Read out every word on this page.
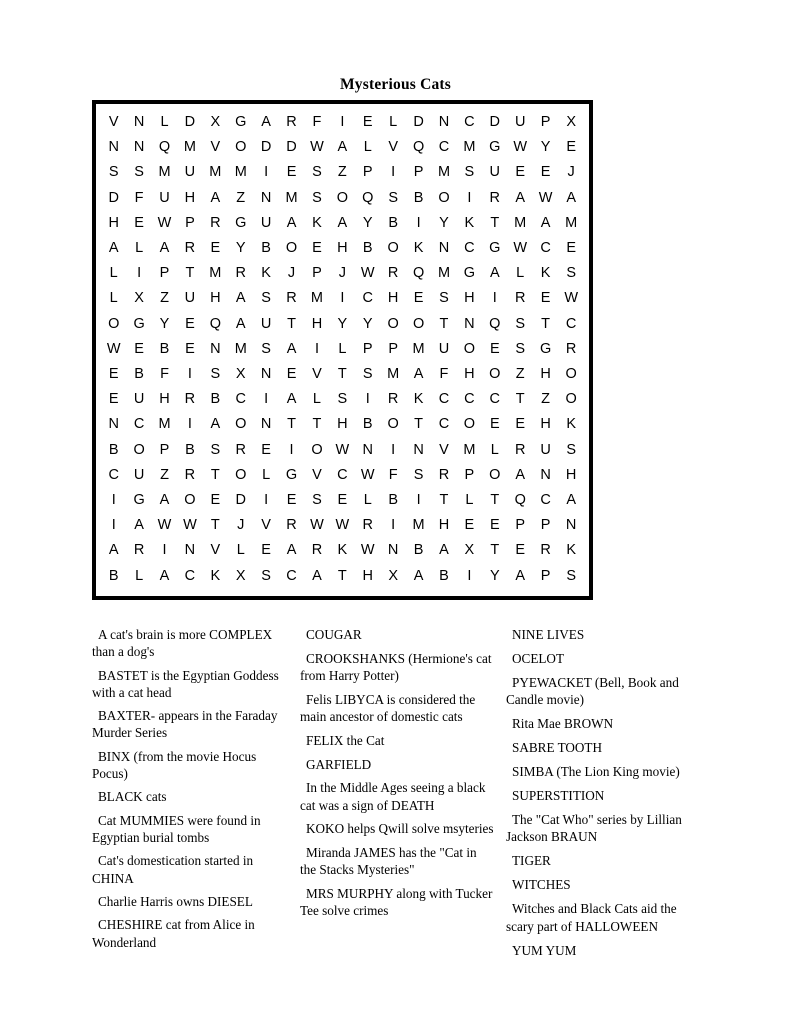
Mysterious Cats
V	N	L	D	X	G	A	R	F	I	E	L	D	N	C	D	U	P	X
N	N	Q	M	V	O	D	D	W	A	L	V	Q	C	M	G	W	Y	E
S	S	M	U	M	M	I	E	S	Z	P	I	P	M	S	U	E	E	J
D	F	U	H	A	Z	N	M	S	O	Q	S	B	O	I	R	A	W	A
H	E	W	P	R	G	U	A	K	A	Y	B	I	Y	K	T	M	A	M
A	L	A	R	E	Y	B	O	E	H	B	O	K	N	C	G	W	C	E
L	I	P	T	M	R	K	J	P	J	W	R	Q	M	G	A	L	K	S
L	X	Z	U	H	A	S	R	M	I	C	H	E	S	H	I	R	E	W
O	G	Y	E	Q	A	U	T	H	Y	Y	O	O	T	N	Q	S	T	C
W	E	B	E	N	M	S	A	I	L	P	P	M	U	O	E	S	G	R
E	B	F	I	S	X	N	E	V	T	S	M	A	F	H	O	Z	H	O
E	U	H	R	B	C	I	A	L	S	I	R	K	C	C	C	T	Z	O
N	C	M	I	A	O	N	T	T	H	B	O	T	C	O	E	E	H	K
B	O	P	B	S	R	E	I	O	W	N	I	N	V	M	L	R	U	S
C	U	Z	R	T	O	L	G	V	C	W	F	S	R	P	O	A	N	H
I	G	A	O	E	D	I	E	S	E	L	B	I	T	L	T	Q	C	A
I	A	W	W	T	J	V	R	W	W	R	I	M	H	E	E	P	P	N
A	R	I	N	V	L	E	A	R	K	W	N	B	A	X	T	E	R	K
B	L	A	C	K	X	S	C	A	T	H	X	A	B	I	Y	A	P	S
A cat's brain is more COMPLEX than a dog's
BASTET is the Egyptian Goddess with a cat head
BAXTER- appears in the Faraday Murder Series
BINX (from the movie Hocus Pocus)
BLACK cats
Cat MUMMIES were found in Egyptian burial tombs
Cat's domestication started in CHINA
Charlie Harris owns DIESEL
CHESHIRE cat from Alice in Wonderland
COUGAR
CROOKSHANKS (Hermione's cat from Harry Potter)
Felis LIBYCA is considered the main ancestor of domestic cats
FELIX the Cat
GARFIELD
In the Middle Ages seeing a black cat was a sign of DEATH
KOKO helps Qwill solve msyteries
Miranda JAMES has the "Cat in the Stacks Mysteries"
MRS MURPHY along with Tucker Tee solve crimes
NINE LIVES
OCELOT
PYEWACKET (Bell, Book and Candle movie)
Rita Mae BROWN
SABRE TOOTH
SIMBA (The Lion King movie)
SUPERSTITION
The "Cat Who" series by Lillian Jackson BRAUN
TIGER
WITCHES
Witches and Black Cats aid the scary part of HALLOWEEN
YUM YUM
